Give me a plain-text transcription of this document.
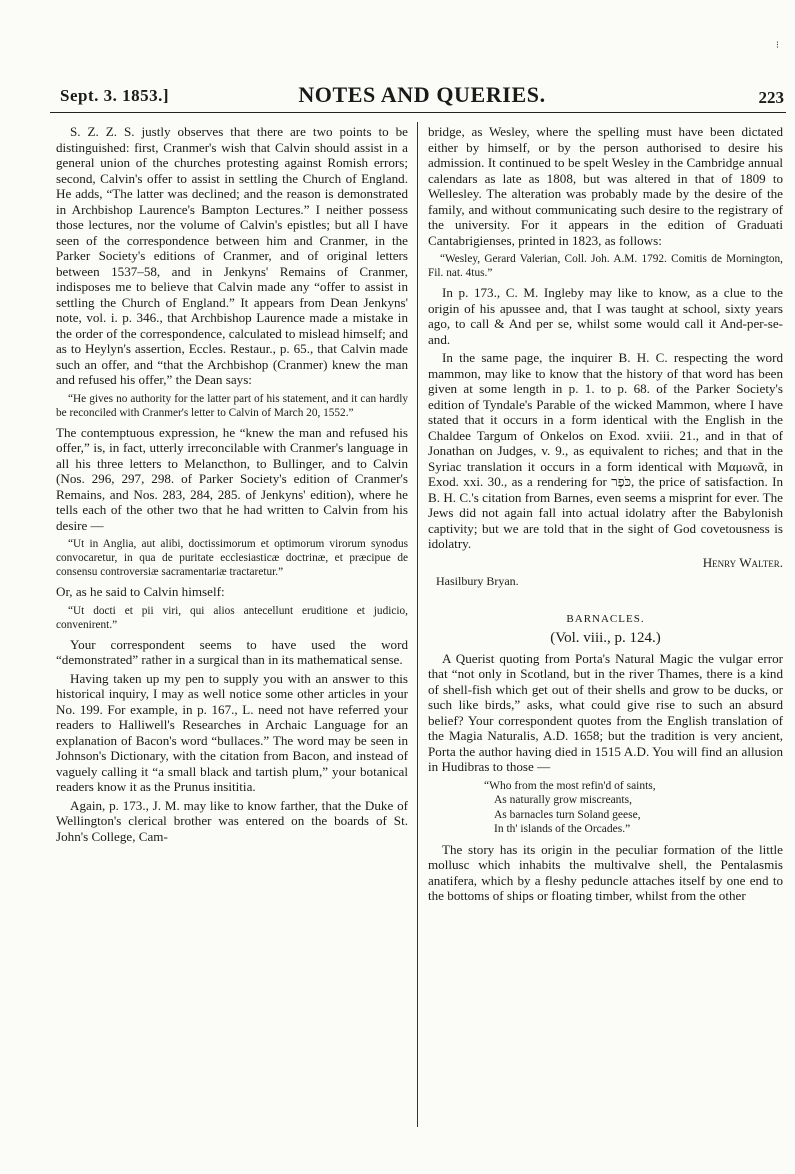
⁝
Sept. 3. 1853.]	NOTES AND QUERIES.	223

S. Z. Z. S. justly observes that there are two points to be distinguished: first, Cranmer's wish that Calvin should assist in a general union of the churches protesting against Romish errors; second, Calvin's offer to assist in settling the Church of England. He adds, “The latter was declined; and the reason is demonstrated in Archbishop Laurence's Bampton Lectures.” I neither possess those lectures, nor the volume of Calvin's epistles; but all I have seen of the correspondence between him and Cranmer, in the Parker Society's editions of Cranmer, and of original letters between 1537–58, and in Jenkyns' Remains of Cranmer, indisposes me to believe that Calvin made any “offer to assist in settling the Church of England.” It appears from Dean Jenkyns' note, vol. i. p. 346., that Archbishop Laurence made a mistake in the order of the correspondence, calculated to mislead himself; and as to Heylyn's assertion, Eccles. Restaur., p. 65., that Calvin made such an offer, and “that the Archbishop (Cranmer) knew the man and refused his offer,” the Dean says:

“He gives no authority for the latter part of his statement, and it can hardly be reconciled with Cranmer's letter to Calvin of March 20, 1552.”

The contemptuous expression, he “knew the man and refused his offer,” is, in fact, utterly irreconcilable with Cranmer's language in all his three letters to Melancthon, to Bullinger, and to Calvin (Nos. 296, 297, 298. of Parker Society's edition of Cranmer's Remains, and Nos. 283, 284, 285. of Jenkyns' edition), where he tells each of the other two that he had written to Calvin from his desire —

“Ut in Anglia, aut alibi, doctissimorum et optimorum virorum synodus convocaretur, in qua de puritate ecclesiasticæ doctrinæ, et præcipue de consensu controversiæ sacramentariæ tractaretur.”

Or, as he said to Calvin himself:

“Ut docti et pii viri, qui alios antecellunt eruditione et judicio, convenirent.”

Your correspondent seems to have used the word “demonstrated” rather in a surgical than in its mathematical sense.

Having taken up my pen to supply you with an answer to this historical inquiry, I may as well notice some other articles in your No. 199. For example, in p. 167., L. need not have referred your readers to Halliwell's Researches in Archaic Language for an explanation of Bacon's word “bullaces.” The word may be seen in Johnson's Dictionary, with the citation from Bacon, and instead of vaguely calling it “a small black and tartish plum,” your botanical readers know it as the Prunus insititia.

Again, p. 173., J. M. may like to know farther, that the Duke of Wellington's clerical brother was entered on the boards of St. John's College, Cam-

bridge, as Wesley, where the spelling must have been dictated either by himself, or by the person authorised to desire his admission. It continued to be spelt Wesley in the Cambridge annual calendars as late as 1808, but was altered in that of 1809 to Wellesley. The alteration was probably made by the desire of the family, and without communicating such desire to the registrary of the university. For it appears in the edition of Graduati Cantabrigienses, printed in 1823, as follows:

“Wesley, Gerard Valerian, Coll. Joh. A.M. 1792. Comitis de Mornington, Fil. nat. 4tus.”

In p. 173., C. M. Ingleby may like to know, as a clue to the origin of his apussee and, that I was taught at school, sixty years ago, to call & And per se, whilst some would call it And-per-se-and.

In the same page, the inquirer B. H. C. respecting the word mammon, may like to know that the history of that word has been given at some length in p. 1. to p. 68. of the Parker Society's edition of Tyndale's Parable of the wicked Mammon, where I have stated that it occurs in a form identical with the English in the Chaldee Targum of Onkelos on Exod. xviii. 21., and in that of Jonathan on Judges, v. 9., as equivalent to riches; and that in the Syriac translation it occurs in a form identical with Μαμωνᾶ, in Exod. xxi. 30., as a rendering for כֹּפֶר, the price of satisfaction. In B. H. C.'s citation from Barnes, even seems a misprint for ever. The Jews did not again fall into actual idolatry after the Babylonish captivity; but we are told that in the sight of God covetousness is idolatry.

Henry Walter.

Hasilbury Bryan.

BARNACLES.

(Vol. viii., p. 124.)

A Querist quoting from Porta's Natural Magic the vulgar error that “not only in Scotland, but in the river Thames, there is a kind of shell-fish which get out of their shells and grow to be ducks, or such like birds,” asks, what could give rise to such an absurd belief? Your correspondent quotes from the English translation of the Magia Naturalis, A.D. 1658; but the tradition is very ancient, Porta the author having died in 1515 A.D. You will find an allusion in Hudibras to those —

“Who from the most refin'd of saints,
As naturally grow miscreants,
As barnacles turn Soland geese,
In th' islands of the Orcades.”

The story has its origin in the peculiar formation of the little mollusc which inhabits the multivalve shell, the Pentalasmis anatifera, which by a fleshy peduncle attaches itself by one end to the bottoms of ships or floating timber, whilst from the other
